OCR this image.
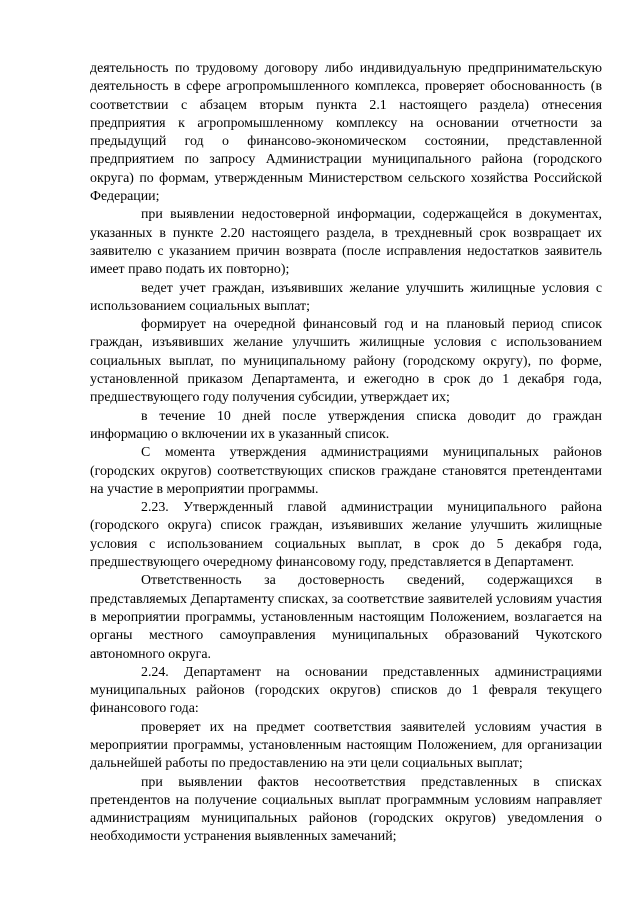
деятельность по трудовому договору либо индивидуальную предпринимательскую деятельность в сфере агропромышленного комплекса, проверяет обоснованность (в соответствии с абзацем вторым пункта 2.1 настоящего раздела) отнесения предприятия к агропромышленному комплексу на основании отчетности за предыдущий год о финансово-экономическом состоянии, представленной предприятием по запросу Администрации муниципального района (городского округа) по формам, утвержденным Министерством сельского хозяйства Российской Федерации;

при выявлении недостоверной информации, содержащейся в документах, указанных в пункте 2.20 настоящего раздела, в трехдневный срок возвращает их заявителю с указанием причин возврата (после исправления недостатков заявитель имеет право подать их повторно);

ведет учет граждан, изъявивших желание улучшить жилищные условия с использованием социальных выплат;

формирует на очередной финансовый год и на плановый период список граждан, изъявивших желание улучшить жилищные условия с использованием социальных выплат, по муниципальному району (городскому округу), по форме, установленной приказом Департамента, и ежегодно в срок до 1 декабря года, предшествующего году получения субсидии, утверждает их;

в течение 10 дней после утверждения списка доводит до граждан информацию о включении их в указанный список.

С момента утверждения администрациями муниципальных районов (городских округов) соответствующих списков граждане становятся претендентами на участие в мероприятии программы.

2.23. Утвержденный главой администрации муниципального района (городского округа) список граждан, изъявивших желание улучшить жилищные условия с использованием социальных выплат, в срок до 5 декабря года, предшествующего очередному финансовому году, представляется в Департамент.

Ответственность за достоверность сведений, содержащихся в представляемых Департаменту списках, за соответствие заявителей условиям участия в мероприятии программы, установленным настоящим Положением, возлагается на органы местного самоуправления муниципальных образований Чукотского автономного округа.

2.24. Департамент на основании представленных администрациями муниципальных районов (городских округов) списков до 1 февраля текущего финансового года:

проверяет их на предмет соответствия заявителей условиям участия в мероприятии программы, установленным настоящим Положением, для организации дальнейшей работы по предоставлению на эти цели социальных выплат;

при выявлении фактов несоответствия представленных в списках претендентов на получение социальных выплат программным условиям направляет администрациям муниципальных районов (городских округов) уведомления о необходимости устранения выявленных замечаний;
